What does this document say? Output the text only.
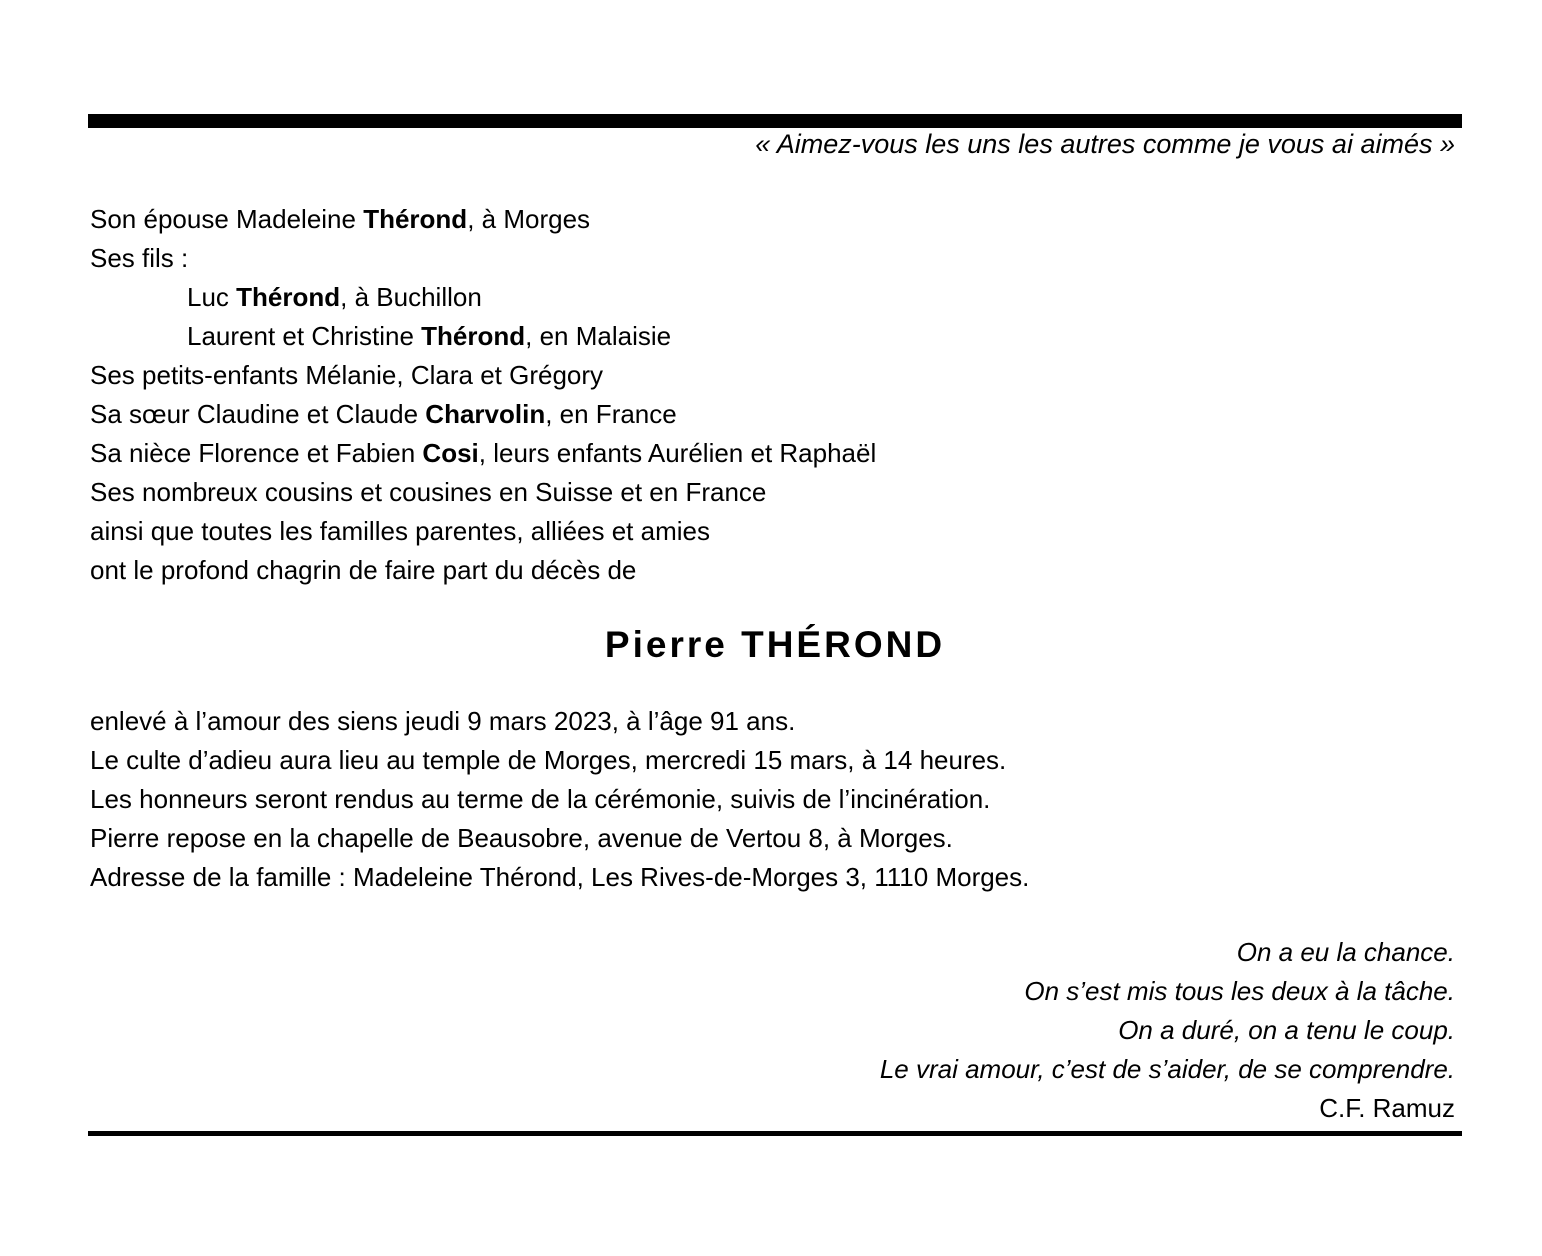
« Aimez-vous les uns les autres comme je vous ai aimés »
Son épouse Madeleine Thérond, à Morges
Ses fils :
Luc Thérond, à Buchillon
Laurent et Christine Thérond, en Malaisie
Ses petits-enfants Mélanie, Clara et Grégory
Sa sœur Claudine et Claude Charvolin, en France
Sa nièce Florence et Fabien Cosi, leurs enfants Aurélien et Raphaël
Ses nombreux cousins et cousines en Suisse et en France
ainsi que toutes les familles parentes, alliées et amies
ont le profond chagrin de faire part du décès de
Pierre THÉROND
enlevé à l’amour des siens jeudi 9 mars 2023, à l’âge 91 ans.
Le culte d’adieu aura lieu au temple de Morges, mercredi 15 mars, à 14 heures.
Les honneurs seront rendus au terme de la cérémonie, suivis de l’incinération.
Pierre repose en la chapelle de Beausobre, avenue de Vertou 8, à Morges.
Adresse de la famille : Madeleine Thérond, Les Rives-de-Morges 3, 1110 Morges.
On a eu la chance.
On s’est mis tous les deux à la tâche.
On a duré, on a tenu le coup.
Le vrai amour, c’est de s’aider, de se comprendre.
C.F. Ramuz
